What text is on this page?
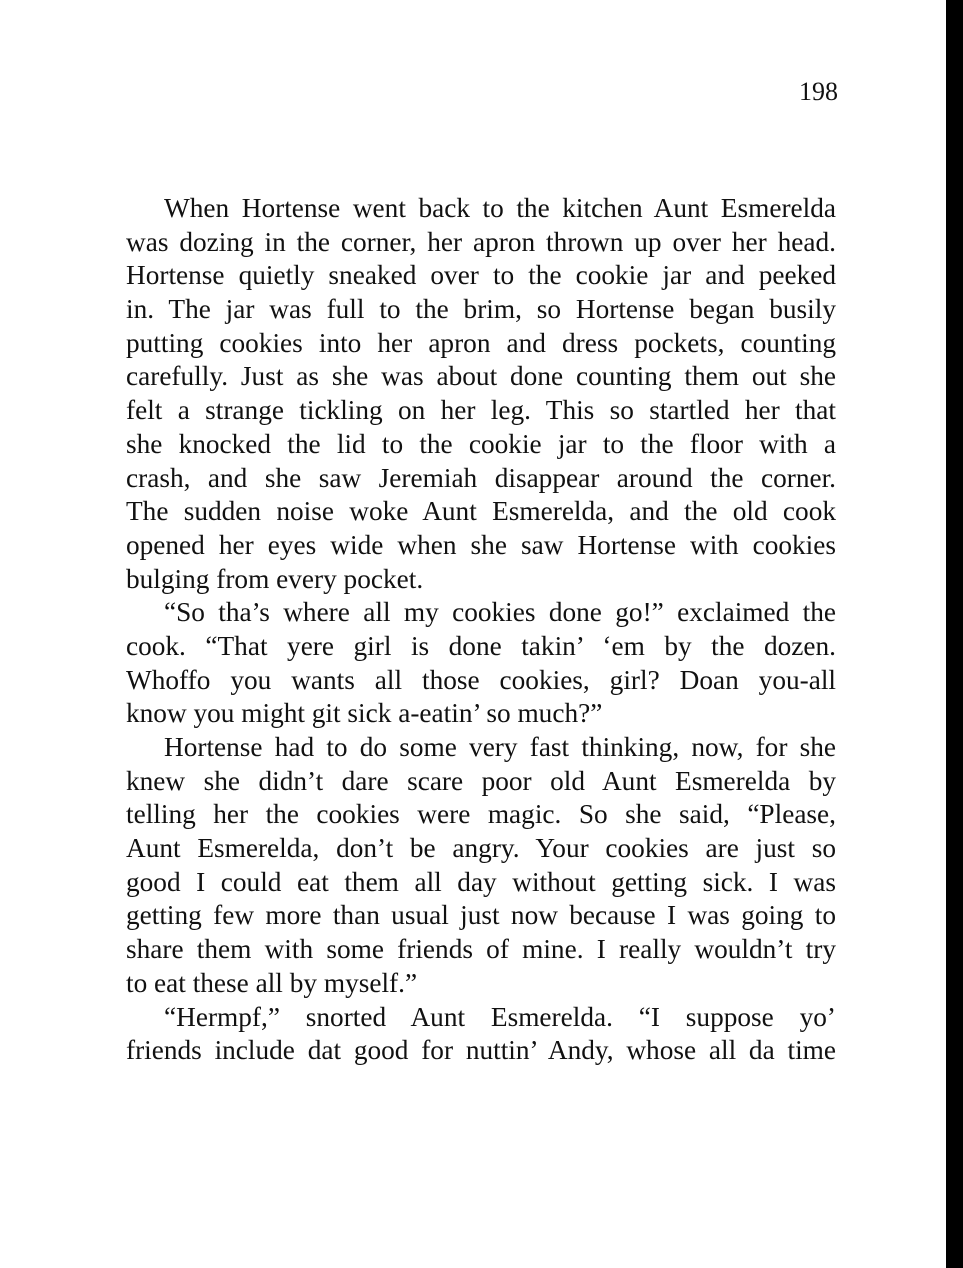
198
When Hortense went back to the kitchen Aunt Esmerelda
was dozing in the corner, her apron thrown up over her head.
Hortense quietly sneaked over to the cookie jar and peeked
in. The jar was full to the brim, so Hortense began busily
putting cookies into her apron and dress pockets, counting
carefully. Just as she was about done counting them out she
felt a strange tickling on her leg. This so startled her that
she knocked the lid to the cookie jar to the floor with a
crash, and she saw Jeremiah disappear around the corner.
The sudden noise woke Aunt Esmerelda, and the old cook
opened her eyes wide when she saw Hortense with cookies
bulging from every pocket.
“So tha’s where all my cookies done go!” exclaimed the
cook. “That yere girl is done takin’ ‘em by the dozen.
Whoffo you wants all those cookies, girl? Doan you-all
know you might git sick a-eatin’ so much?”
Hortense had to do some very fast thinking, now, for she
knew she didn’t dare scare poor old Aunt Esmerelda by
telling her the cookies were magic. So she said, “Please,
Aunt Esmerelda, don’t be angry. Your cookies are just so
good I could eat them all day without getting sick. I was
getting few more than usual just now because I was going to
share them with some friends of mine. I really wouldn’t try
to eat these all by myself.”
“Hermpf,” snorted Aunt Esmerelda. “I suppose yo’
friends include dat good for nuttin’ Andy, whose all da time
